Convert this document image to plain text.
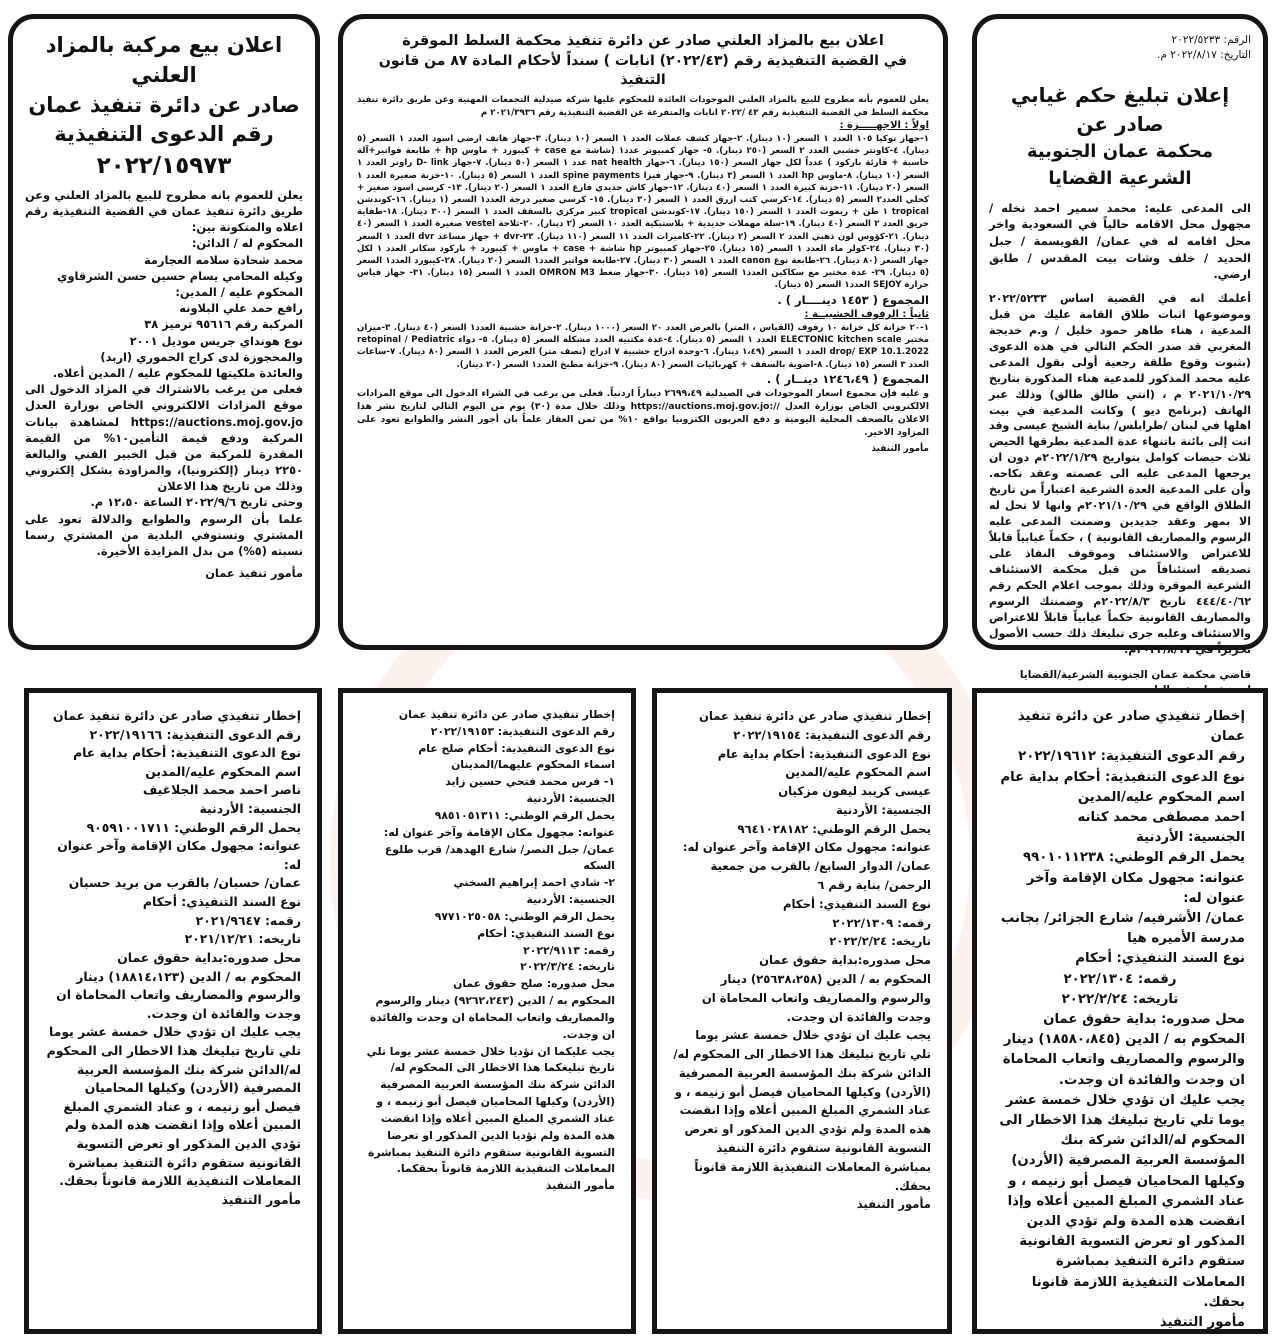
الرقم: ٢٠٢٢/٥٢٣٣

التاريخ: ٢٠٢٢/٨/١٧ م.

إعلان تبليغ حكم غيابي صادر عن

محكمة عمان الجنوبية الشرعية القضايا

الى المدعى عليه: محمد سمير احمد نخله / مجهول محل الاقامه حالياً في السعودية واخر محل اقامه له في عمان/ القويسمة / جبل الحديد / خلف وشات بيت المقدس / طابق ارضي.

أعلمك انه في القضية اساس ٢٠٢٢/٥٢٣٣ وموضوعها اثبات طلاق القامة عليك من قبل المدعية ، هناء طاهر حمود خليل / و.م خديجة المغربي قد صدر الحكم التالي في هذه الدعوى (بثبوت وقوع طلقة رجعية أولى بقول المدعى عليه محمد المذكور للمدعية هناء المذكورة بتاريخ ٢٠٢١/١٠/٢٩ م ، (انتي طالق طالق) وذلك عبر الهاتف (برنامج ديو ) وكانت المدعية في بيت اهلها في لبنان /طرابلس/ بناية الشيخ عيسى وقد اتت إلى بائنة باتنهاء عدة المدعية بطرقها الحيض ثلاث حيضات كوامل بتواريخ ٢٠٢٢/١/٢٩م دون ان يرجعها المدعى عليه الى عصمته وعقد نكاحه. وأن على المدعية العدة الشرعية اعتباراً من تاريخ الطلاق الواقع في ٢٠٢١/١٠/٢٩م وانها لا تحل له الا بمهر وعقد جديدين وضمنت المدعى عليه الرسوم والمصاريف القانونية ) ، حكماً غيابياً قابلاً للاعتراض والاستئناف وموقوف النفاذ على تصديقه استئنافاً من قبل محكمة الاستئناف الشرعية الموقرة وذلك بموجب اعلام الحكم رقم ٤٤٤/٤٠/٦٢ تاريخ ٢٠٢٢/٨/٣م وضمنتك الرسوم والمصاريف القانونية حكماً غيابياً قابلاً للاعتراض والاستئناف وعليه جرى تبليغك ذلك حسب الأصول تحريراً في ٢٠٢٢/٨/١٧م.

قاضي محكمة عمان الجنوبية الشرعية/القضايا

اعلان بيع بالمزاد العلني صادر عن دائرة تنفيذ محكمة السلط الموقرة

في القضية التنفيذية رقم (٢٠٢٢/٤٣) انابات ) سنداً لأحكام المادة ٨٧ من قانون التنفيذ

يعلن للعموم بأنه مطروح للبيع بالمزاد العلني الموجودات العائدة للمحكوم عليها شركة صيدلية التجمعات المهنية وعن طريق دائرة تنفيذ محكمة السلط في القضية التنفيذية رقم ٤٣ /٢٠٢٢ انابات والمتفرعة عن القضية التنفيذية رقم ٢٠٢١/٣٩٣٦ م

اولاً : الاجهـــــزة :

١-جهاز نوكيا ١٠٥ العدد ١ السعر (١٠ دينار). ٢-جهاز كشف عملات العدد ١ السعر (١٠ دينار). ٣-جهاز هاتف ارضي اسود العدد ١ السعر (٥ دينار). ٤-كاونتر خشبي العدد ٢ السعر (٢٥٠ دينار). ٥- جهاز كمبيوتر عدد١ (شاشة مع case + كيبورد + ماوس hp + طابعة فواتير+آلة حاسبة + قارئة باركود ) عدداً لكل جهاز السعر (١٥٠ دينار). ٦-جهاز nat health عدد ١ السعر (٥٠ دينار). ٧-جهاز D- link راوتر العدد ١ السعر (١٠ دينار). ٨-ماوس hp العدد ١ السعر (٣ دينار). ٩-جهاز فيزا spine payments العدد ١ السعر (٥ دينار). ١٠-خزنة صغيرة العدد ١ السعر (٢٠ دينار). ١١-خزنة كبيرة العدد ١ السعر (٤٠ دينار). ١٢-جهاز كاش حديدي فارغ العدد ١ السعر (٢٠ دينار). ١٣- كرسي اسود صغير + كحلي العدد٢ السعر (٥ دينار). ١٤-كرسي كتب ازرق العدد ١ السعر (٣٠ دينار). ١٥- كرسي صغير درجة العدد١ السعر (١ دينار). ١٦-كوندشن tropical ١ طن + ريموت العدد ١ السعر (١٥٠ دينار). ١٧-كوندشن tropical كبير مركزي بالسقف العدد ١ السعر (٣٠٠ دينار). ١٨-طفاية حريق العدد ٢ السعر (٤٠ دينار). ١٩-سلة مهملات حديدية + بلاستيكية العدد ١٠ السعر (٢ دينار). ٢٠-ثلاجة vestel صغيرة العدد ١ السعر (٤٠ دينار). ٢١-كؤوس لون ذهبي العدد ٢ السعر (٢ دينار). ٢٢-كاميرات العدد ١١ السعر (١١٠ دينار). ٢٣-dvr + جهاز مساعد dvr العدد ١ السعر (٣٠ دينار). ٢٤-كولر ماء العدد ١ السعر (١٥ دينار). ٢٥-جهاز كمبيوتر hp شاشة + case + ماوس + كيبورد + باركود سكانر العدد ١ لكل جهاز السعر (٨٠ دينار). ٢٦-طابعة نوع canon العدد ١ السعر (٣٠ دينار). ٢٧-طابعة فواتير العدد١ السعر (٢٠ دينار). ٢٨-كيبورد العدد١ السعر (٥ دينار). ٢٩- عدة مختبر مع سكاكين العدد١ السعر (١٥ دينار). ٣٠-جهاز ضغط OMRON M3 العدد ١ السعر (١٥ دينار). ٣١- جهاز قياس حرارة SEJOY العدد١ السعر (٥ دينار).

المجموع ( ١٤٥٣ دينــــار ) .

ثانياً : الرفوف الخشبيــة :

١-٢٠ خزانة كل خزانة ١٠ رفوف (القياس ، المتر) بالعرض العدد ٢٠ السعر (١٠٠٠ دينار). ٢-خزانة خشبية العدد١ السعر (٤٠ دينار). ٣-ميزان مختبر ELECTONIC kitchen scale العدد ١ السعر (٥ دينار). ٤-عدة مكتبية العدد مشكلة السعر (٥ دينار). ٥- دواء retopinal / Pediatric drop/ EXP 10.1.2022 العدد ١ السعر (١،٤٩ دينار). ٦-وحدة ادراج خشبية ٧ ادراج (نصف متر) العرض العدد ١ السعر (٨٠ دينار). ٧-ساعات العدد ٣ السعر (١٥ دينار). ٨-اضوية بالسقف + كهربائيات السعر (٨٠ دينار). ٩-خزانة مطبخ العدد١ السعر (٢٠ دينار).

المجموع ( ١٢٤٦،٤٩ دينــار ) .

و عليه فإن مجموع اسعار الموجودات في الصيدلية ٢٦٩٩،٤٩ ديناراً اردنياً. فعلى من يرغب في الشراء الدخول الى موقع المزادات الالكتروني الخاص بوزارة العدل //:https://auctions.moj.gov.jo وذلك خلال مدة (٣٠) يوم من اليوم التالي لتاريخ نشر هذا الاعلان بالصحف المحلية اليومية و دفع العربون الكترونيا بواقع ١٠% من ثمن العقار علماً بان أجور النشر والطوابع تعود على المزاود الاخير.

مأمور التنفيذ

اعلان بيع مركبة بالمزاد العلني

صادر عن دائرة تنفيذ عمان

رقم الدعوى التنفيذية

٢٠٢٢/١٥٩٧٣

يعلن للعموم بانه مطروح للبيع بالمزاد العلني وعن طريق دائرة تنفيذ عمان في القضية التنفيذية رقم اعلاه والمتكونة بين:

المحكوم له / الدائن:

محمد شحادة سلامه العجارمة

وكيله المحامي يسام حسين حسن الشرقاوي

المحكوم عليه / المدين:

رافع حمد علي البلاونه

المركبة رقم ٩٥٦١٦ ترميز ٣٨

نوع هونداي جريس موديل ٢٠٠١

والمحجوزة لدى كراج الحموري (اربد)

والعائدة ملكيتها للمحكوم عليه / المدين أعلاه.

فعلى من يرغب بالاشتراك في المزاد الدخول الى موقع المزادات الالكتروني الخاص بوزارة العدل https://auctions.moj.gov.jo لمشاهدة بيانات المركبة ودفع قيمة التأمين١٠% من القيمة المقدرة للمركبة من قبل الخبير الفني والبالغة ٢٢٥٠ دينار (إلكترونيا)، والمزاودة بشكل إلكتروني وذلك من تاريخ هذا الاعلان

وحتى تاريخ ٢٠٢٢/٩/٦ الساعة ١٢،٥٠ م.

علما بأن الرسوم والطوابع والدلالة تعود على المشتري وتستوفي البلدية من المشتري رسما نسبته (٥%) من بدل المزايدة الأخيرة.

مأمور تنفيذ عمان

إخطار تنفيذي صادر عن دائرة تنفيذ عمان

رقم الدعوى التنفيذية: ٢٠٢٢/١٩٦١٢

نوع الدعوى التنفيذية: أحكام بداية عام

اسم المحكوم عليه/المدين

احمد مصطفى محمد كتانه

الجنسية: الأردنية

يحمل الرقم الوطني: ٩٩٠١٠١١٢٣٨

عنوانه: مجهول مكان الإقامة وآخر عنوان له:

عمان/ الأشرفيه/ شارع الجزائر/ بجانب مدرسة الأميره هيا

نوع السند التنفيذي: أحكام

رقمه: ٢٠٢٢/١٣٠٤

تاريخه: ٢٠٢٢/٢/٢٤

محل صدوره: بداية حقوق عمان

المحكوم به / الدين (١٨٥٨٠،٨٤٥) دينار والرسوم والمصاريف واتعاب المحاماة ان وجدت والفائدة ان وجدت.

يجب عليك ان تؤدي خلال خمسة عشر يوما تلي تاريخ تبليغك هذا الاخطار الى المحكوم له/الدائن شركة بنك المؤسسة العربية المصرفية (الأردن) وكيلها المحاميان فيصل أبو زنيمه ، و عناد الشمري المبلغ المبين أعلاه وإذا انقضت هذه المدة ولم تؤدي الدين المذكور او تعرض التسوية القانونية ستقوم دائرة التنفيذ بمباشرة المعاملات التنفيذية اللازمة قانونا بحقك.

مأمور التنفيذ

إخطار تنفيذي صادر عن دائرة تنفيذ عمان

رقم الدعوى التنفيذية: ٢٠٢٢/١٩١٥٤

نوع الدعوى التنفيذية: أحكام بداية عام

اسم المحكوم عليه/المدين

عيسى كريبد ليفون مزكيان

الجنسية: الأردنية

يحمل الرقم الوطني: ٩٦٤١٠٢٨١٨٢

عنوانه: مجهول مكان الإقامة وآخر عنوان له:

عمان/ الدوار السابع/ بالقرب من جمعية الرحمن/ بناية رقم ٦

نوع السند التنفيذي: أحكام

رقمه: ٢٠٢٢/١٣٠٩

تاريخه: ٢٠٢٢/٢/٢٤

محل صدوره:بداية حقوق عمان

المحكوم به / الدين (٢٥٦٣٨،٢٥٨) دينار والرسوم والمصاريف واتعاب المحاماة ان وجدت والفائدة ان وجدت.

يجب عليك ان تؤدي خلال خمسة عشر يوما تلي تاريخ تبليغك هذا الاخطار الى المحكوم له/ الدائن شركة بنك المؤسسة العربية المصرفية (الأردن) وكيلها المحاميان فيصل أبو زنيمه ، و عناد الشمري المبلغ المبين أعلاه وإذا انقضت هذه المدة ولم تؤدي الدين المذكور او تعرض التسوية القانونية ستقوم دائرة التنفيذ بمباشرة المعاملات التنفيذية اللازمة قانوناً بحقك.

مأمور التنفيذ

إخطار تنفيذي صادر عن دائرة تنفيذ عمان

رقم الدعوى التنفيذية: ٢٠٢٢/١٩١٥٣

نوع الدعوى التنفيذية: أحكام صلح عام

اسماء المحكوم عليهما/المدينان

١- فرس محمد فتحي حسين زايد

الجنسية: الأردنية

يحمل الرقم الوطني: ٩٨٥١٠٥١٣١١

عنوانه: مجهول مكان الإقامة وآخر عنوان له:

عمان/ جبل النصر/ شارع الهدهد/ قرب طلوع السكه

٢- شادي احمد إبراهيم السخني

الجنسية: الأردنية

يحمل الرقم الوطني: ٩٧٧١٠٢٥٠٥٨

نوع السند التنفيذي: أحكام

رقمه: ٢٠٢٢/٩١١٣

تاريخه: ٢٠٢٢/٣/٢٤

محل صدوره: صلح حقوق عمان

المحكوم به / الدين (٩٢٦٢،٢٤٣) دينار والرسوم والمصاريف واتعاب المحاماة ان وجدت والفائدة ان وجدت.

يجب عليكما ان تؤديا خلال خمسة عشر يوما تلي تاريخ تبليغكما هذا الاخطار الى المحكوم له/ الدائن شركة بنك المؤسسة العربية المصرفية (الأردن) وكيلها المحاميان فيصل أبو زنيمه ، و عناد الشمري المبلغ المبين أعلاه وإذا انقضت هذه المدة ولم تؤديا الدين المذكور او تعرضا التسوية القانونية ستقوم دائرة التنفيذ بمباشرة المعاملات التنفيذية اللازمة قانوناً بحقكما.

مأمور التنفيذ

إخطار تنفيذي صادر عن دائرة تنفيذ عمان

رقم الدعوى التنفيذية: ٢٠٢٢/١٩١٦٦

نوع الدعوى التنفيذية: أحكام بداية عام

اسم المحكوم عليه/المدين

ناصر احمد محمد الجلاغيف

الجنسية: الأردنية

يحمل الرقم الوطني: ٩٠٥٩١٠٠١٧١١

عنوانه: مجهول مكان الإقامة وآخر عنوان له:

عمان/ حسبان/ بالقرب من بريد حسبان

نوع السند التنفيذي: أحكام

رقمه: ٢٠٢١/٩٦٤٧

تاريخه: ٢٠٢١/١٢/٢١

محل صدوره:بداية حقوق عمان

المحكوم به / الدين (١٨٨١٤،١٢٣) دينار والرسوم والمصاريف واتعاب المحاماة ان وجدت والفائدة ان وجدت.

يجب عليك ان تؤدي خلال خمسة عشر يوما تلي تاريخ تبليغك هذا الاخطار الى المحكوم له/الدائن شركة بنك المؤسسة العربية المصرفية (الأردن) وكيلها المحاميان فيصل أبو زنيمه ، و عناد الشمري المبلغ المبين أعلاه وإذا انقضت هذه المدة ولم تؤدي الدين المذكور او تعرض التسوية القانونية ستقوم دائرة التنفيذ بمباشرة المعاملات التنفيذية اللازمة قانوناً بحقك.

مأمور التنفيذ
